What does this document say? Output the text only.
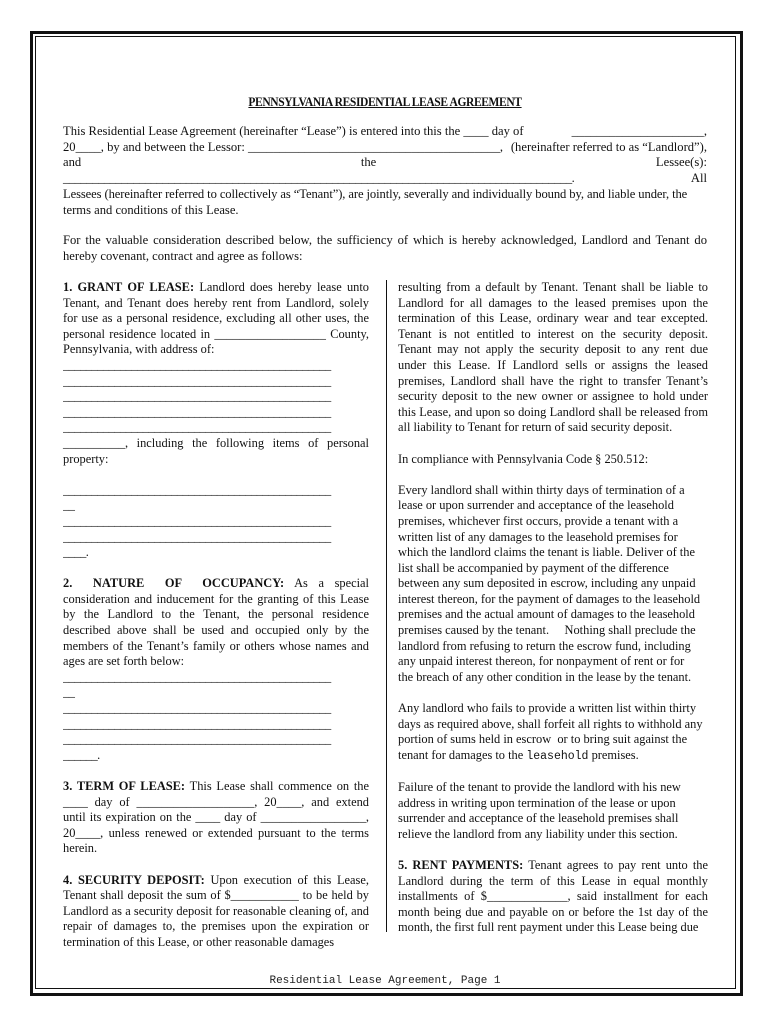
PENNSYLVANIA RESIDENTIAL LEASE AGREEMENT
This Residential Lease Agreement (hereinafter “Lease”) is entered into this the ____ day of	_____________________,
20____, by and between the Lessor: ________________________________________, (hereinafter referred to as “Landlord”),
and	the	Lessee(s):
_______________________________________________________________________________________.	All
Lessees (hereinafter referred to collectively as “Tenant”), are jointly, severally and individually bound by, and liable under, the
terms and conditions of this Lease.
For the valuable consideration described below, the sufficiency of which is hereby acknowledged, Landlord and Tenant do hereby covenant, contract and agree as follows:

1. GRANT OF LEASE: Landlord does hereby lease unto Tenant, and Tenant does hereby rent from Landlord, solely for use as a personal residence, excluding all other uses, the personal residence located in __________________ County, Pennsylvania, with address of:

_______________________________________________
_______________________________________________
_______________________________________________
_______________________________________________
_______________________________________________

__________, including the following items of personal property:

_______________________________________________
__
_______________________________________________
_______________________________________________
____.

2. NATURE OF OCCUPANCY: As a special consideration and inducement for the granting of this Lease by the Landlord to the Tenant, the personal residence described above shall be used and occupied only by the members of the Tenant’s family or others whose names and ages are set forth below:

_______________________________________________
__
_______________________________________________
_______________________________________________
_______________________________________________
______.

3. TERM OF LEASE: This Lease shall commence on the ____ day of ___________________, 20____, and extend until its expiration on the ____ day of _________________, 20____, unless renewed or extended pursuant to the terms herein.

4. SECURITY DEPOSIT: Upon execution of this Lease, Tenant shall deposit the sum of $___________ to be held by Landlord as a security deposit for reasonable cleaning of, and repair of damages to, the premises upon the expiration or termination of this Lease, or other reasonable damages

resulting from a default by Tenant. Tenant shall be liable to Landlord for all damages to the leased premises upon the termination of this Lease, ordinary wear and tear excepted. Tenant is not entitled to interest on the security deposit. Tenant may not apply the security deposit to any rent due under this Lease. If Landlord sells or assigns the leased premises, Landlord shall have the right to transfer Tenant’s security deposit to the new owner or assignee to hold under this Lease, and upon so doing Landlord shall be released from all liability to Tenant for return of said security deposit.

In compliance with Pennsylvania Code § 250.512:

Every landlord shall within thirty days of termination of a
lease or upon surrender and acceptance of the leasehold
premises, whichever first occurs, provide a tenant with a
written list of any damages to the leasehold premises for
which the landlord claims the tenant is liable. Deliver of the
list shall be accompanied by payment of the difference
between any sum deposited in escrow, including any unpaid
interest thereon, for the payment of damages to the leasehold
premises and the actual amount of damages to the leasehold
premises caused by the tenant.     Nothing shall preclude the
landlord from refusing to return the escrow fund, including
any unpaid interest thereon, for nonpayment of rent or for
the breach of any other condition in the lease by the tenant.
Any landlord who fails to provide a written list within thirty
days as required above, shall forfeit all rights to withhold any
portion of sums held in escrow  or to bring suit against the
tenant for damages to the leasehold premises.
Failure of the tenant to provide the landlord with his new
address in writing upon termination of the lease or upon
surrender and acceptance of the leasehold premises shall
relieve the landlord from any liability under this section.

5. RENT PAYMENTS: Tenant agrees to pay rent unto the Landlord during the term of this Lease in equal monthly installments of $_____________, said installment for each month being due and payable on or before the 1st day of the month, the first full rent payment under this Lease being due

Residential Lease Agreement, Page 1
